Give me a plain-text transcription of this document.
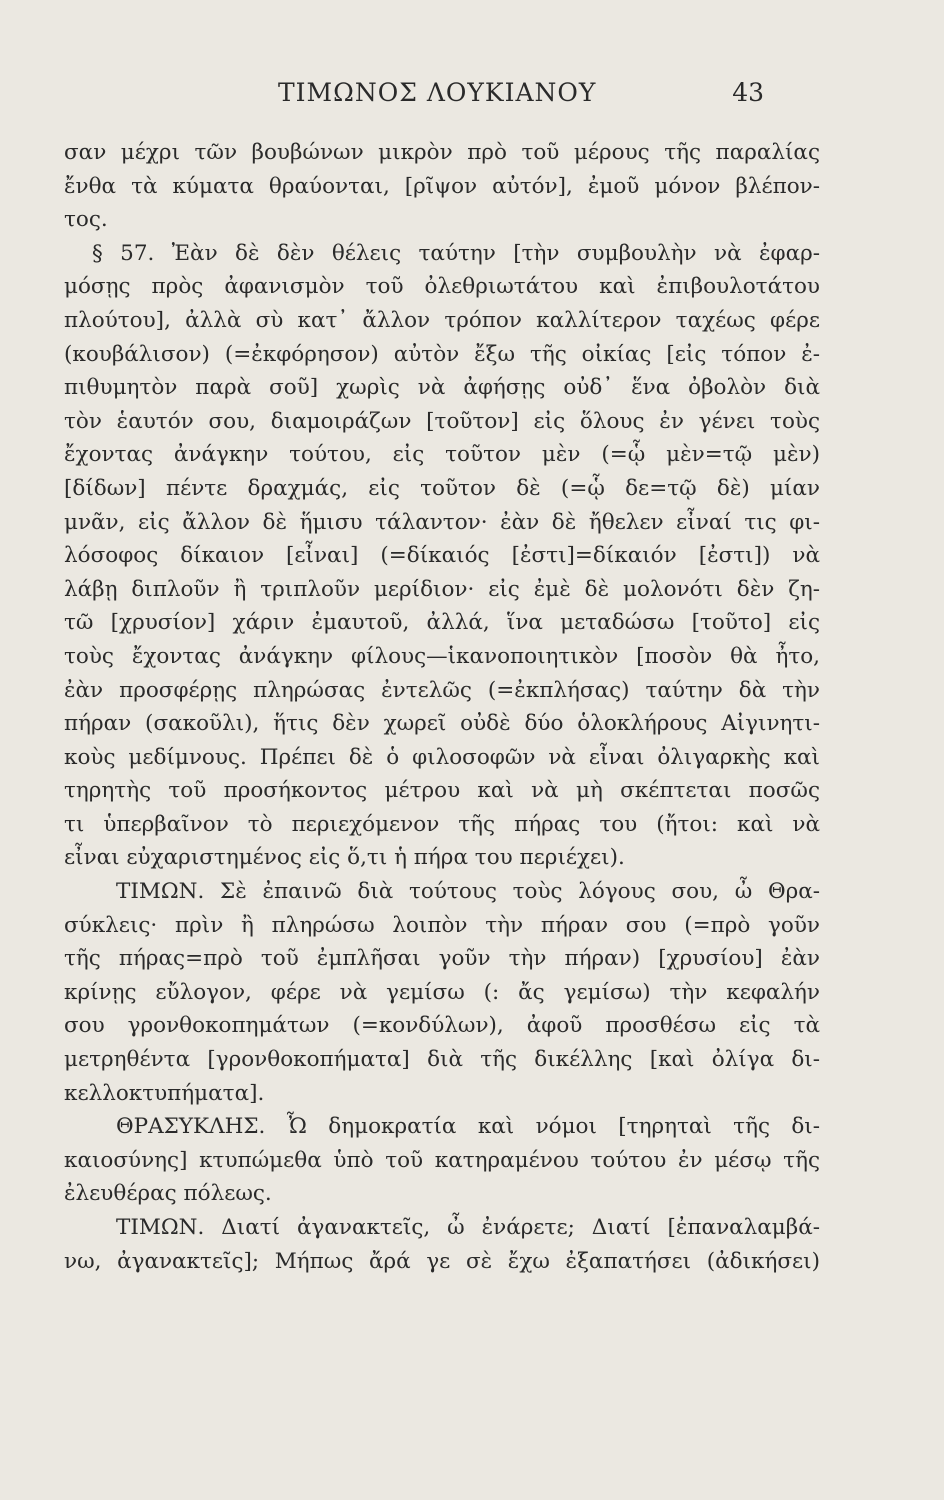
ΤΙΜΩΝΟΣ ΛΟΥΚΙΑΝΟΥ	43
σαν μέχρι τῶν βουβώνων μικρὸν πρὸ τοῦ μέρους τῆς παραλίας
ἔνθα τὰ κύματα θραύονται, [ρῖψον αὐτόν], ἐμοῦ μόνον βλέπον-
τος.
§ 57. Ἐὰν δὲ δὲν θέλεις ταύτην [τὴν συμβουλὴν νὰ ἐφαρ-
μόσῃς πρὸς ἀφανισμὸν τοῦ ὀλεθριωτάτου καὶ ἐπιβουλοτάτου
πλούτου], ἀλλὰ σὺ κατ᾽ ἄλλον τρόπον καλλίτερον ταχέως φέρε
(κουβάλισον) (=ἐκφόρησον) αὐτὸν ἔξω τῆς οἰκίας [εἰς τόπον ἐ-
πιθυμητὸν παρὰ σοῦ] χωρὶς νὰ ἀφήσῃς οὐδ᾽ ἕνα ὀβολὸν διὰ
τὸν ἑαυτόν σου, διαμοιράζων [τοῦτον] εἰς ὅλους ἐν γένει τοὺς
ἔχοντας ἀνάγκην τούτου, εἰς τοῦτον μὲν (=ᾧ μὲν=τῷ μὲν)
[δίδων] πέντε δραχμάς, εἰς τοῦτον δὲ (=ᾧ δε=τῷ δὲ) μίαν
μνᾶν, εἰς ἄλλον δὲ ἥμισυ τάλαντον· ἐὰν δὲ ἤθελεν εἶναί τις φι-
λόσοφος δίκαιον [εἶναι] (=δίκαιός [ἐστι]=δίκαιόν [ἐστι]) νὰ
λάβῃ διπλοῦν ἢ τριπλοῦν μερίδιον· εἰς ἐμὲ δὲ μολονότι δὲν ζη-
τῶ [χρυσίον] χάριν ἐμαυτοῦ, ἀλλά, ἵνα μεταδώσω [τοῦτο] εἰς
τοὺς ἔχοντας ἀνάγκην φίλους—ἱκανοποιητικὸν [ποσὸν θὰ ἦτο,
ἐὰν προσφέρῃς πληρώσας ἐντελῶς (=ἐκπλήσας) ταύτην δὰ τὴν
πήραν (σακοῦλι), ἥτις δὲν χωρεῖ οὐδὲ δύο ὁλοκλήρους Αἰγινητι-
κοὺς μεδίμνους. Πρέπει δὲ ὁ φιλοσοφῶν νὰ εἶναι ὀλιγαρκὴς καὶ
τηρητὴς τοῦ προσήκοντος μέτρου καὶ νὰ μὴ σκέπτεται ποσῶς
τι ὑπερβαῖνον τὸ περιεχόμενον τῆς πήρας του (ἤτοι: καὶ νὰ
εἶναι εὐχαριστημένος εἰς ὅ,τι ἡ πήρα του περιέχει).
ΤΙΜΩΝ. Σὲ ἐπαινῶ διὰ τούτους τοὺς λόγους σου, ὦ Θρα-
σύκλεις· πρὶν ἢ πληρώσω λοιπὸν τὴν πήραν σου (=πρὸ γοῦν
τῆς πήρας=πρὸ τοῦ ἐμπλῆσαι γοῦν τὴν πήραν) [χρυσίου] ἐὰν
κρίνῃς εὔλογον, φέρε νὰ γεμίσω (: ἄς γεμίσω) τὴν κεφαλήν
σου γρονθοκοπημάτων (=κονδύλων), ἀφοῦ προσθέσω εἰς τὰ
μετρηθέντα [γρονθοκοπήματα] διὰ τῆς δικέλλης [καὶ ὀλίγα δι-
κελλοκτυπήματα].
ΘΡΑΣΥΚΛΗΣ. Ὦ δημοκρατία καὶ νόμοι [τηρηταὶ τῆς δι-
καιοσύνης] κτυπώμεθα ὑπὸ τοῦ κατηραμένου τούτου ἐν μέσῳ τῆς
ἐλευθέρας πόλεως.
ΤΙΜΩΝ. Διατί ἀγανακτεῖς, ὦ ἐνάρετε; Διατί [ἐπαναλαμβά-
νω, ἀγανακτεῖς]; Μήπως ἄρά γε σὲ ἔχω ἐξαπατήσει (ἀδικήσει)
